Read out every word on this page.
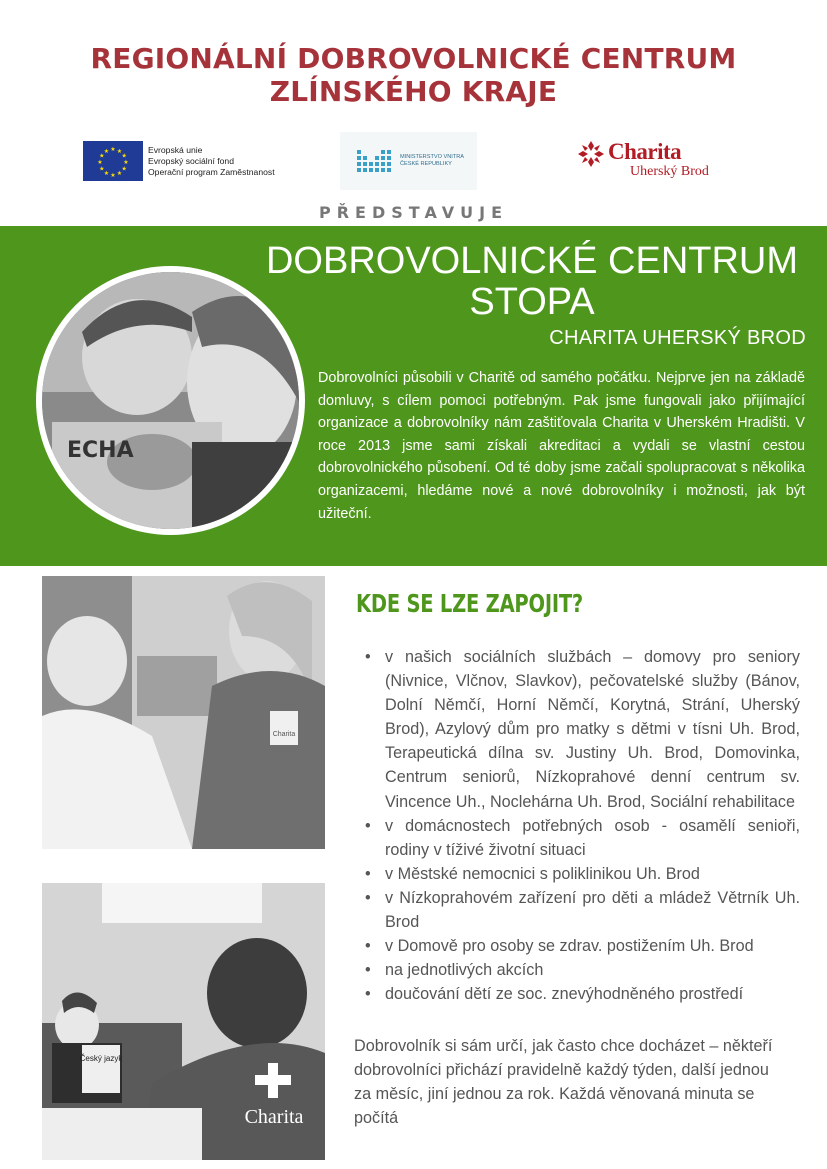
REGIONÁLNÍ DOBROVOLNICKÉ CENTRUM
ZLÍNSKÉHO KRAJE
★ ★
★
★
★
★
★
★
★
★
★
★	Evropská unie
Evropský sociální fond
Operační program Zaměstnanost
MINISTERSTVO VNITRA
ČESKÉ REPUBLIKY	Charita
Uherský Brod
PŘEDSTAVUJE
DOBROVOLNICKÉ CENTRUM
STOPA
CHARITA UHERSKÝ BROD
Dobrovolníci působili v Charitě od samého počátku. Nejprve jen na základě domluvy, s cílem pomoci potřebným. Pak jsme fungovali jako přijímající organizace a dobrovolníky nám zaštiťovala Charita v Uherském Hradišti. V roce 2013 jsme sami získali akreditaci a vydali se vlastní cestou dobrovolnického působení. Od té doby jsme začali spolupracovat s několika organizacemi, hledáme nové a nové dobrovolníky i možnosti, jak být užiteční.
ECHA
Charita
Český jazyk
Charita
KDE SE LZE ZAPOJIT?
• v našich sociálních službách – domovy pro seniory (Nivnice, Vlčnov, Slavkov), pečovatelské služby (Bánov, Dolní Němčí, Horní Němčí, Korytná, Strání, Uherský Brod), Azylový dům pro matky s dětmi v tísni Uh. Brod, Terapeutická dílna sv. Justiny Uh. Brod, Domovinka, Centrum seniorů, Nízkoprahové denní centrum sv. Vincence Uh., Noclehárna Uh. Brod, Sociální rehabilitace
• v domácnostech potřebných osob - osamělí senioři, rodiny v tíživé životní situaci
• v Městské nemocnici s poliklinikou Uh. Brod
• v Nízkoprahovém zařízení pro děti a mládež Větrník Uh. Brod
• v Domově pro osoby se zdrav. postižením Uh. Brod
• na jednotlivých akcích
• doučování dětí ze soc. znevýhodněného prostředí
Dobrovolník si sám určí, jak často chce docházet – někteří dobrovolníci přichází pravidelně každý týden, další jednou za měsíc, jiní jednou za rok. Každá věnovaná minuta se počítá
